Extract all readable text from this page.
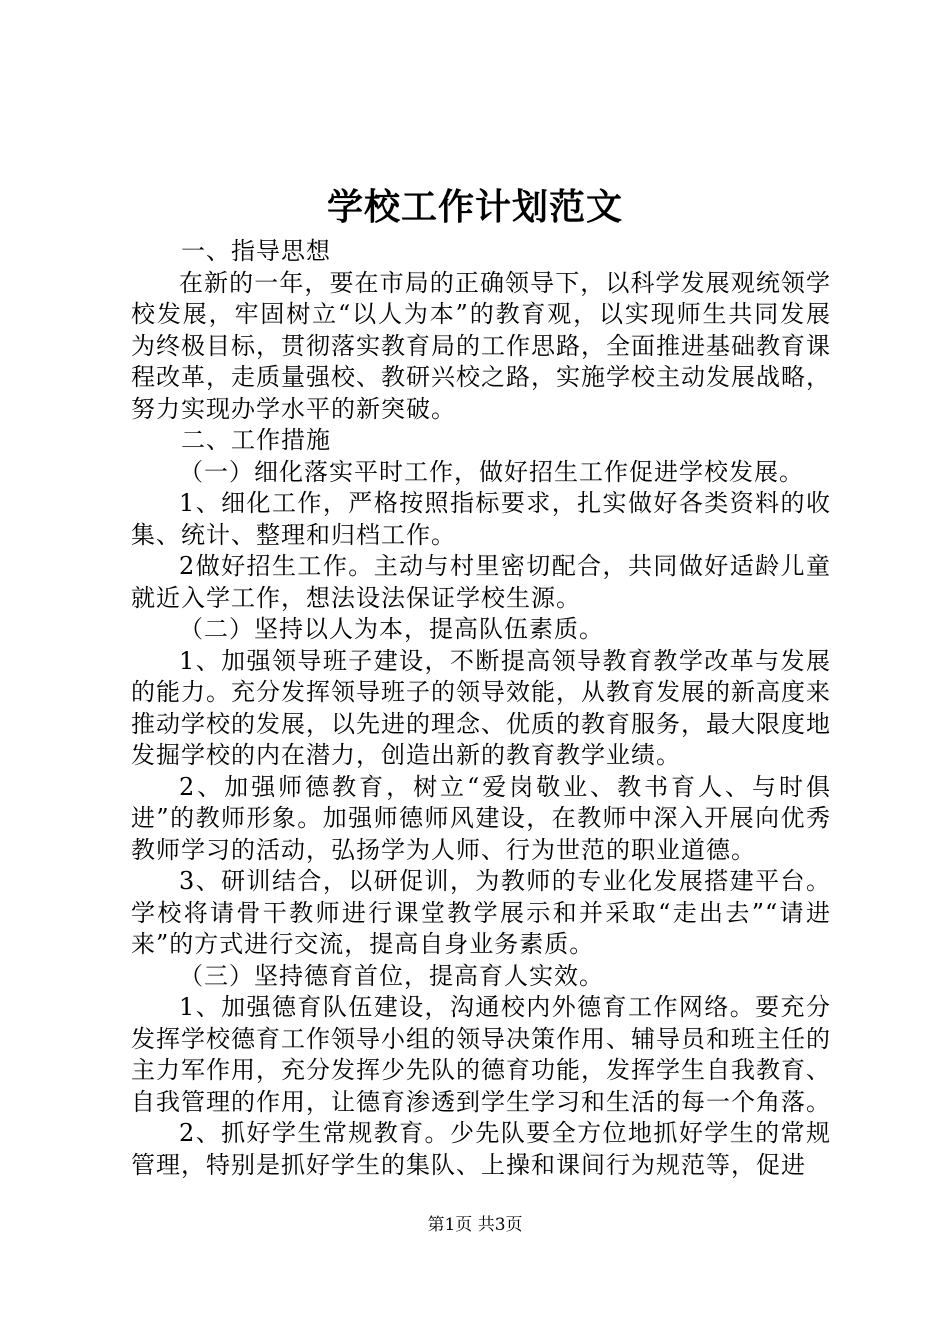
学校工作计划范文

一、指导思想

在新的一年，要在市局的正确领导下，以科学发展观统领学校发展，牢固树立“以人为本”的教育观，以实现师生共同发展为终极目标，贯彻落实教育局的工作思路，全面推进基础教育课程改革，走质量强校、教研兴校之路，实施学校主动发展战略，努力实现办学水平的新突破。

二、工作措施

（一）细化落实平时工作，做好招生工作促进学校发展。

1、细化工作，严格按照指标要求，扎实做好各类资料的收集、统计、整理和归档工作。

2做好招生工作。主动与村里密切配合，共同做好适龄儿童就近入学工作，想法设法保证学校生源。

（二）坚持以人为本，提高队伍素质。

1、加强领导班子建设，不断提高领导教育教学改革与发展的能力。充分发挥领导班子的领导效能，从教育发展的新高度来推动学校的发展，以先进的理念、优质的教育服务，最大限度地发掘学校的内在潜力，创造出新的教育教学业绩。

2、加强师德教育，树立“爱岗敬业、教书育人、与时俱进”的教师形象。加强师德师风建设，在教师中深入开展向优秀教师学习的活动，弘扬学为人师、行为世范的职业道德。

3、研训结合，以研促训，为教师的专业化发展搭建平台。学校将请骨干教师进行课堂教学展示和并采取“走出去”“请进来”的方式进行交流，提高自身业务素质。

（三）坚持德育首位，提高育人实效。

1、加强德育队伍建设，沟通校内外德育工作网络。要充分发挥学校德育工作领导小组的领导决策作用、辅导员和班主任的主力军作用，充分发挥少先队的德育功能，发挥学生自我教育、自我管理的作用，让德育渗透到学生学习和生活的每一个角落。

2、抓好学生常规教育。少先队要全方位地抓好学生的常规管理，特别是抓好学生的集队、上操和课间行为规范等，促进

第1页 共3页
